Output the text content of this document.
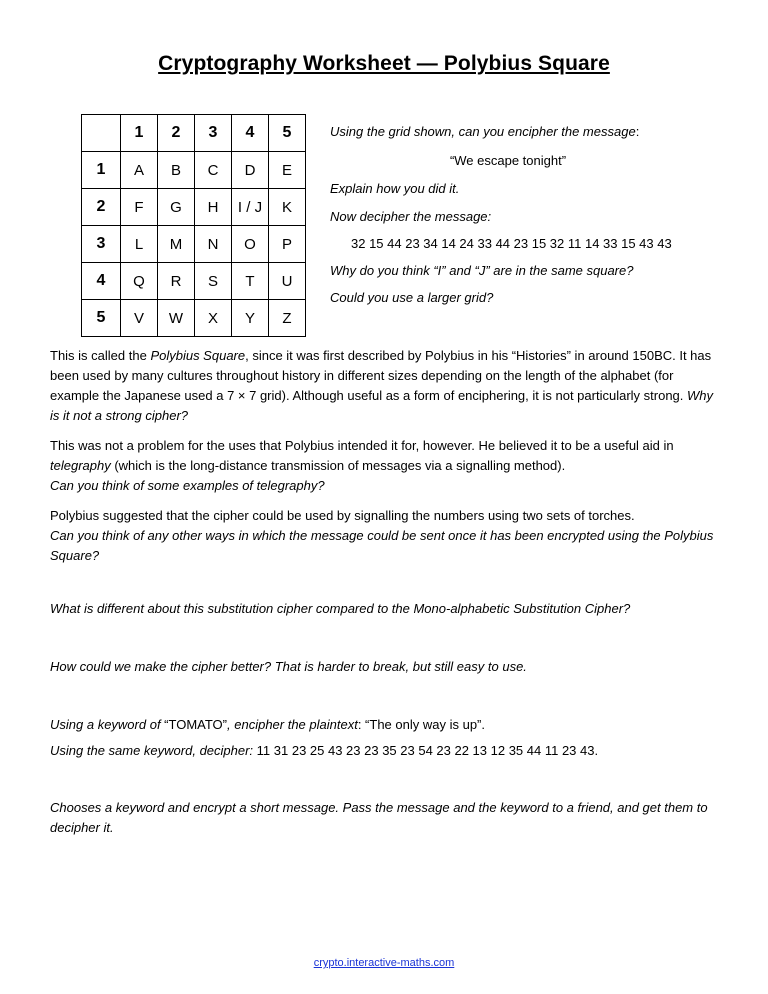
Cryptography Worksheet — Polybius Square
	1	2	3	4	5
1	A	B	C	D	E
2	F	G	H	I / J	K
3	L	M	N	O	P
4	Q	R	S	T	U
5	V	W	X	Y	Z
Using the grid shown, can you encipher the message:
“We escape tonight”
Explain how you did it.
Now decipher the message:
32 15 44 23 34 14 24 33 44 23 15 32 11 14 33 15 43 43
Why do you think “I” and “J” are in the same square?
Could you use a larger grid?

This is called the Polybius Square, since it was first described by Polybius in his “Histories” in around 150BC. It has been used by many cultures throughout history in different sizes depending on the length of the alphabet (for example the Japanese used a 7 × 7 grid). Although useful as a form of enciphering, it is not particularly strong. Why is it not a strong cipher?

This was not a problem for the uses that Polybius intended it for, however. He believed it to be a useful aid in telegraphy (which is the long-distance transmission of messages via a signalling method).

Can you think of some examples of telegraphy?

Polybius suggested that the cipher could be used by signalling the numbers using two sets of torches.

Can you think of any other ways in which the message could be sent once it has been encrypted using the Polybius Square?

What is different about this substitution cipher compared to the Mono-alphabetic Substitution Cipher?
How could we make the cipher better? That is harder to break, but still easy to use.
Using a keyword of “TOMATO”, encipher the plaintext: “The only way is up”.
Using the same keyword, decipher: 11 31 23 25 43 23 23 35 23 54 23 22 13 12 35 44 11 23 43.
Chooses a keyword and encrypt a short message. Pass the message and the keyword to a friend, and get them to decipher it.
crypto.interactive-maths.com
